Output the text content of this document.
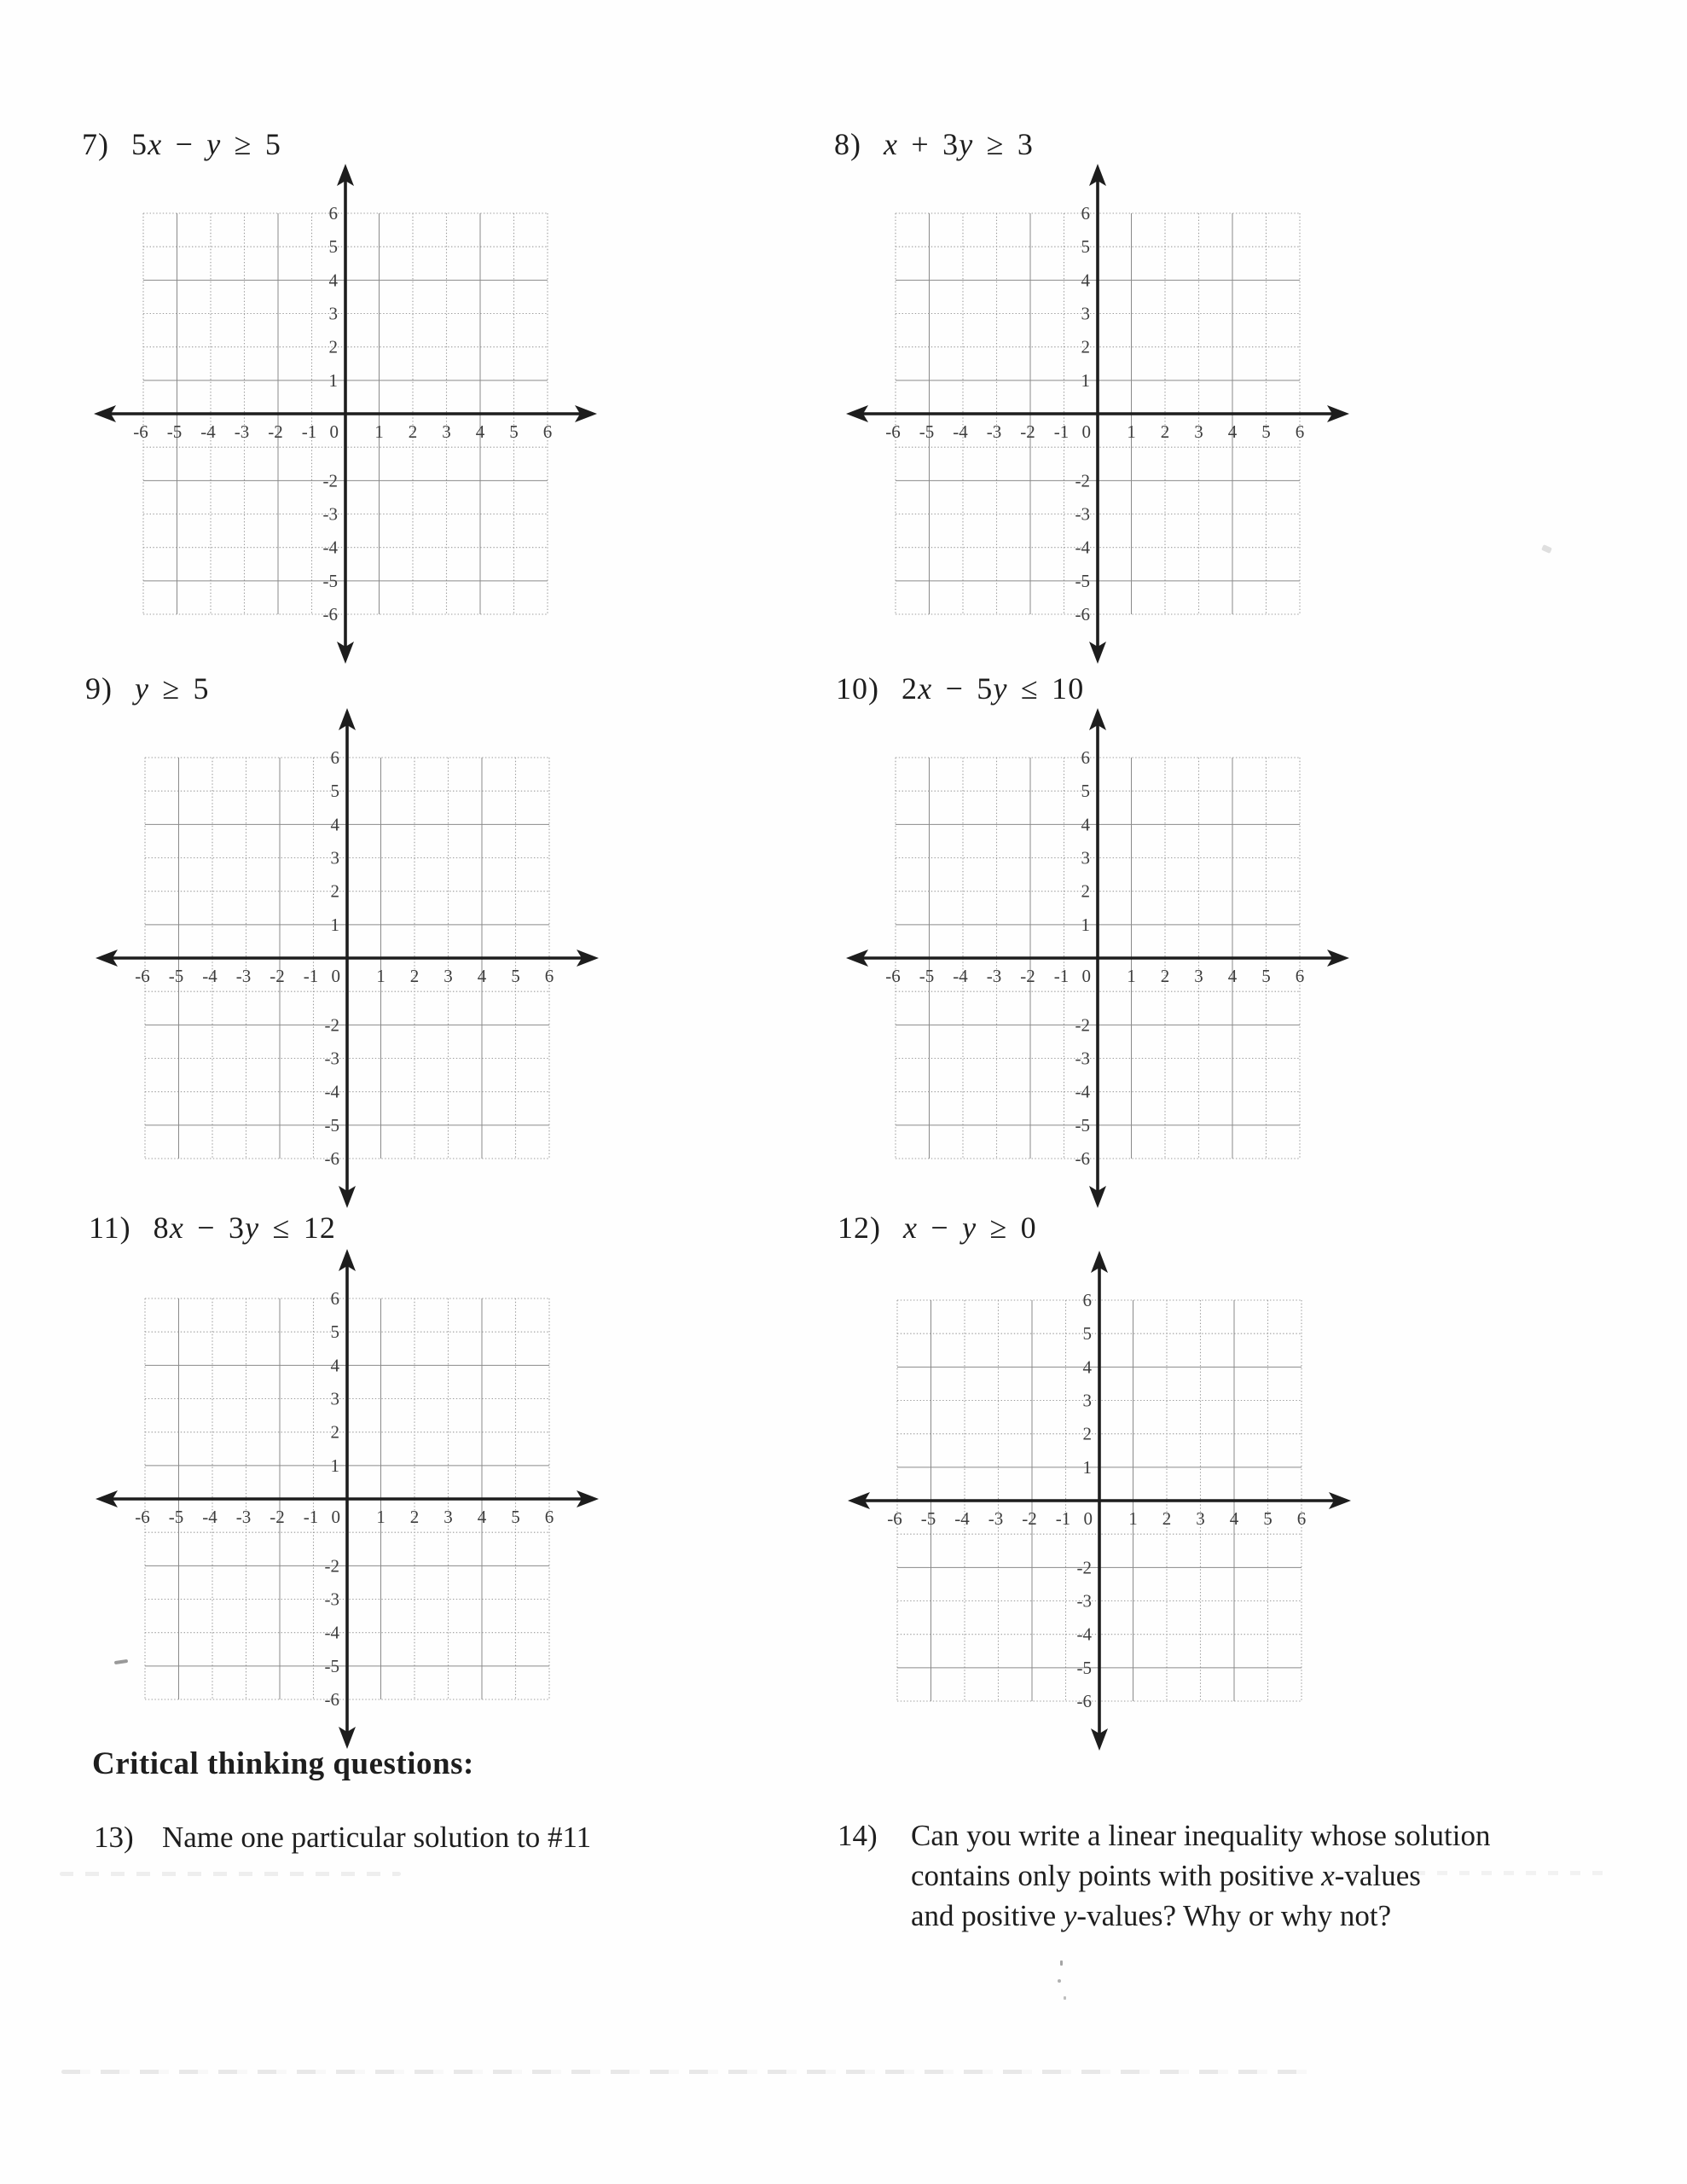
7) 5x − y ≥ 5	8) x + 3y ≥ 3
9) y ≥ 5	10) 2x − 5y ≤ 10
11) 8x − 3y ≤ 12	12) x − y ≥ 0
-6 -5 -4 -3 -2 -1 0 1 2 3 4 5 6
6
5
4
3
2
1
-2
-3
-4
-5
-6
-6 -5 -4 -3 -2 -1 0 1 2 3 4 5 6
6
5
4
3
2
1
-2
-3
-4
-5
-6
-6 -5 -4 -3 -2 -1 0 1 2 3 4 5 6
6
5
4
3
2
1
-2
-3
-4
-5
-6
-6 -5 -4 -3 -2 -1 0 1 2 3 4 5 6
6
5
4
3
2
1
-2
-3
-4
-5
-6
-6 -5 -4 -3 -2 -1 0 1 2 3 4 5 6
6
5
4
3
2
1
-2
-3
-4
-5
-6
-6 -5 -4 -3 -2 -1 0 1 2 3 4 5 6
6
5
4
3
2
1
-2
-3
-4
-5
-6
Critical thinking questions:
13) Name one particular solution to #11	14)	Can you write a linear inequality whose solution
contains only points with positive x-values
and positive y-values? Why or why not?
